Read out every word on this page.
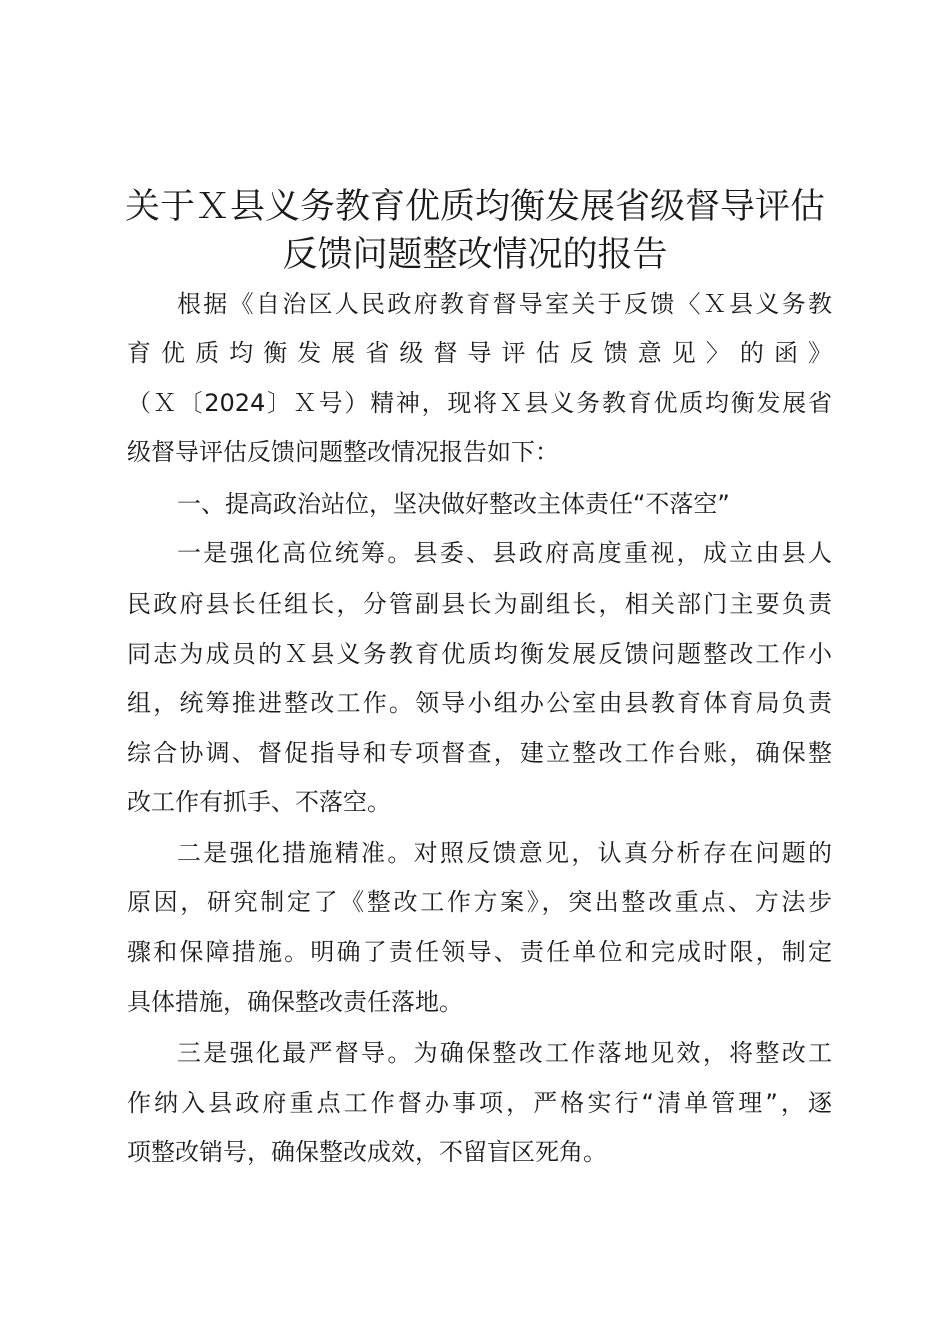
关于Ｘ县义务教育优质均衡发展省级督导评估
反馈问题整改情况的报告

根据《自治区人民政府教育督导室关于反馈〈Ｘ县义务教

育优质均衡发展省级督导评估反馈意见〉的函》

（Ｘ〔2024〕Ｘ号）精神，现将Ｘ县义务教育优质均衡发展省

级督导评估反馈问题整改情况报告如下：

一、提高政治站位，坚决做好整改主体责任“不落空”

一是强化高位统筹。县委、县政府高度重视，成立由县人

民政府县长任组长，分管副县长为副组长，相关部门主要负责

同志为成员的Ｘ县义务教育优质均衡发展反馈问题整改工作小

组，统筹推进整改工作。领导小组办公室由县教育体育局负责

综合协调、督促指导和专项督查，建立整改工作台账，确保整

改工作有抓手、不落空。

二是强化措施精准。对照反馈意见，认真分析存在问题的

原因，研究制定了《整改工作方案》，突出整改重点、方法步

骤和保障措施。明确了责任领导、责任单位和完成时限，制定

具体措施，确保整改责任落地。

三是强化最严督导。为确保整改工作落地见效，将整改工

作纳入县政府重点工作督办事项，严格实行“清单管理”，逐

项整改销号，确保整改成效，不留盲区死角。
